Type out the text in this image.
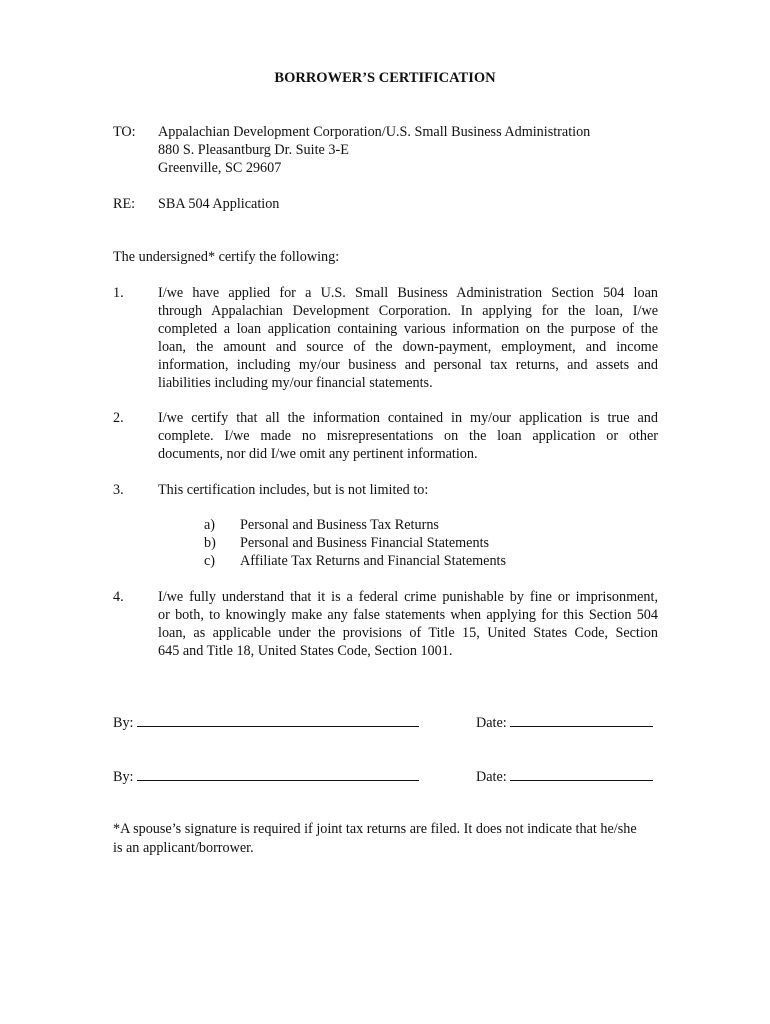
BORROWER’S CERTIFICATION
TO: Appalachian Development Corporation/U.S. Small Business Administration
880 S. Pleasantburg Dr. Suite 3-E
Greenville, SC 29607
RE: SBA 504 Application
The undersigned* certify the following:
1. I/we have applied for a U.S. Small Business Administration Section 504 loan
through Appalachian Development Corporation. In applying for the loan, I/we
completed a loan application containing various information on the purpose of the
loan, the amount and source of the down-payment, employment, and income
information, including my/our business and personal tax returns, and assets and
liabilities including my/our financial statements.
2. I/we certify that all the information contained in my/our application is true and
complete. I/we made no misrepresentations on the loan application or other
documents, nor did I/we omit any pertinent information.
3. This certification includes, but is not limited to:
a) Personal and Business Tax Returns
b) Personal and Business Financial Statements
c) Affiliate Tax Returns and Financial Statements
4. I/we fully understand that it is a federal crime punishable by fine or imprisonment,
or both, to knowingly make any false statements when applying for this Section 504
loan, as applicable under the provisions of Title 15, United States Code, Section
645 and Title 18, United States Code, Section 1001.
By:	Date:
By:	Date:
*A spouse’s signature is required if joint tax returns are filed. It does not indicate that he/she
is an applicant/borrower.
